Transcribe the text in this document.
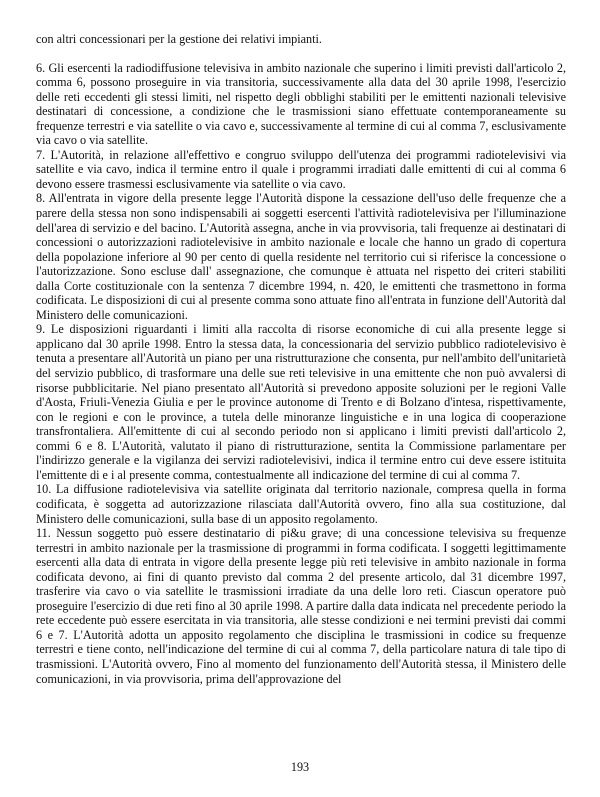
con altri concessionari per la gestione dei relativi impianti.

6. Gli esercenti la radiodiffusione televisiva in ambito nazionale che superino i limiti previsti dall'articolo 2, comma 6, possono proseguire in via transitoria, successivamente alla data del 30 aprile 1998, l'esercizio delle reti eccedenti gli stessi limiti, nel rispetto degli obblighi stabiliti per le emittenti nazionali televisive destinatari di concessione, a condizione che le trasmissioni siano effettuate contemporaneamente su frequenze terrestri e via satellite o via cavo e, successivamente al termine di cui al comma 7, esclusivamente via cavo o via satellite.

7. L'Autorità, in relazione all'effettivo e congruo sviluppo dell'utenza dei programmi radiotelevisivi via satellite e via cavo, indica il termine entro il quale i programmi irradiati dalle emittenti di cui al comma 6 devono essere trasmessi esclusivamente via satellite o via cavo.

8. All'entrata in vigore della presente legge l'Autorità dispone la cessazione dell'uso delle frequenze che a parere della stessa non sono indispensabili ai soggetti esercenti l'attività radiotelevisiva per l'illuminazione dell'area di servizio e del bacino. L'Autorità assegna, anche in via provvisoria, tali frequenze ai destinatari di concessioni o autorizzazioni radiotelevisive in ambito nazionale e locale che hanno un grado di copertura della popolazione inferiore al 90 per cento di quella residente nel territorio cui si riferisce la concessione o l'autorizzazione. Sono escluse dall' assegnazione, che comunque è attuata nel rispetto dei criteri stabiliti dalla Corte costituzionale con la sentenza 7 dicembre 1994, n. 420, le emittenti che trasmettono in forma codificata. Le disposizioni di cui al presente comma sono attuate fino all'entrata in funzione dell'Autorità dal Ministero delle comunicazioni.

9. Le disposizioni riguardanti i limiti alla raccolta di risorse economiche di cui alla presente legge si applicano dal 30 aprile 1998. Entro la stessa data, la concessionaria del servizio pubblico radiotelevisivo è tenuta a presentare all'Autorità un piano per una ristrutturazione che consenta, pur nell'ambito dell'unitarietà del servizio pubblico, di trasformare una delle sue reti televisive in una emittente che non può avvalersi di risorse pubblicitarie. Nel piano presentato all'Autorità si prevedono apposite soluzioni per le regioni Valle d'Aosta, Friuli-Venezia Giulia e per le province autonome di Trento e di Bolzano d'intesa, rispettivamente, con le regioni e con le province, a tutela delle minoranze linguistiche e in una logica di cooperazione transfrontaliera. All'emittente di cui al secondo periodo non si applicano i limiti previsti dall'articolo 2, commi 6 e 8. L'Autorità, valutato il piano di ristrutturazione, sentita la Commissione parlamentare per l'indirizzo generale e la vigilanza dei servizi radiotelevisivi, indica il termine entro cui deve essere istituita l'emittente di e i al presente comma, contestualmente all indicazione del termine di cui al comma 7.

10. La diffusione radiotelevisiva via satellite originata dal territorio nazionale, compresa quella in forma codificata, è soggetta ad autorizzazione rilasciata dall'Autorità ovvero, fino alla sua costituzione, dal Ministero delle comunicazioni, sulla base di un apposito regolamento.

11. Nessun soggetto può essere destinatario di pi&u grave; di una concessione televisiva su frequenze terrestri in ambito nazionale per la trasmissione di programmi in forma codificata. I soggetti legittimamente esercenti alla data di entrata in vigore della presente legge più reti televisive in ambito nazionale in forma codificata devono, ai fini di quanto previsto dal comma 2 del presente articolo, dal 31 dicembre 1997, trasferire via cavo o via satellite le trasmissioni irradiate da una delle loro reti. Ciascun operatore può proseguire l'esercizio di due reti fino al 30 aprile 1998. A partire dalla data indicata nel precedente periodo la rete eccedente può essere esercitata in via transitoria, alle stesse condizioni e nei termini previsti dai commi 6 e 7. L'Autorità adotta un apposito regolamento che disciplina le trasmissioni in codice su frequenze terrestri e tiene conto, nell'indicazione del termine di cui al comma 7, della particolare natura di tale tipo di trasmissioni. L'Autorità ovvero, Fino al momento del funzionamento dell'Autorità stessa, il Ministero delle comunicazioni, in via provvisoria, prima dell'approvazione del

193
